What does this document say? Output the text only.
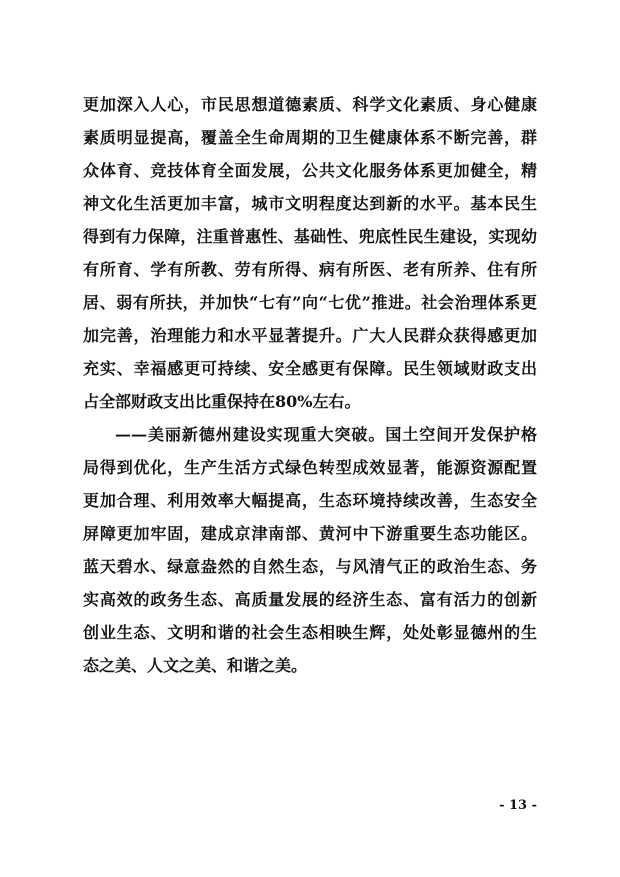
更加深入人心，市民思想道德素质、科学文化素质、身心健康
素质明显提高，覆盖全生命周期的卫生健康体系不断完善，群
众体育、竞技体育全面发展，公共文化服务体系更加健全，精
神文化生活更加丰富，城市文明程度达到新的水平。基本民生
得到有力保障，注重普惠性、基础性、兜底性民生建设，实现幼
有所育、学有所教、劳有所得、病有所医、老有所养、住有所
居、弱有所扶，并加快“七有”向“七优”推进。社会治理体系更
加完善，治理能力和水平显著提升。广大人民群众获得感更加
充实、幸福感更可持续、安全感更有保障。民生领域财政支出
占全部财政支出比重保持在80%左右。
——美丽新德州建设实现重大突破。国土空间开发保护格
局得到优化，生产生活方式绿色转型成效显著，能源资源配置
更加合理、利用效率大幅提高，生态环境持续改善，生态安全
屏障更加牢固，建成京津南部、黄河中下游重要生态功能区。
蓝天碧水、绿意盎然的自然生态，与风清气正的政治生态、务
实高效的政务生态、高质量发展的经济生态、富有活力的创新
创业生态、文明和谐的社会生态相映生辉，处处彰显德州的生
态之美、人文之美、和谐之美。
- 13 -
